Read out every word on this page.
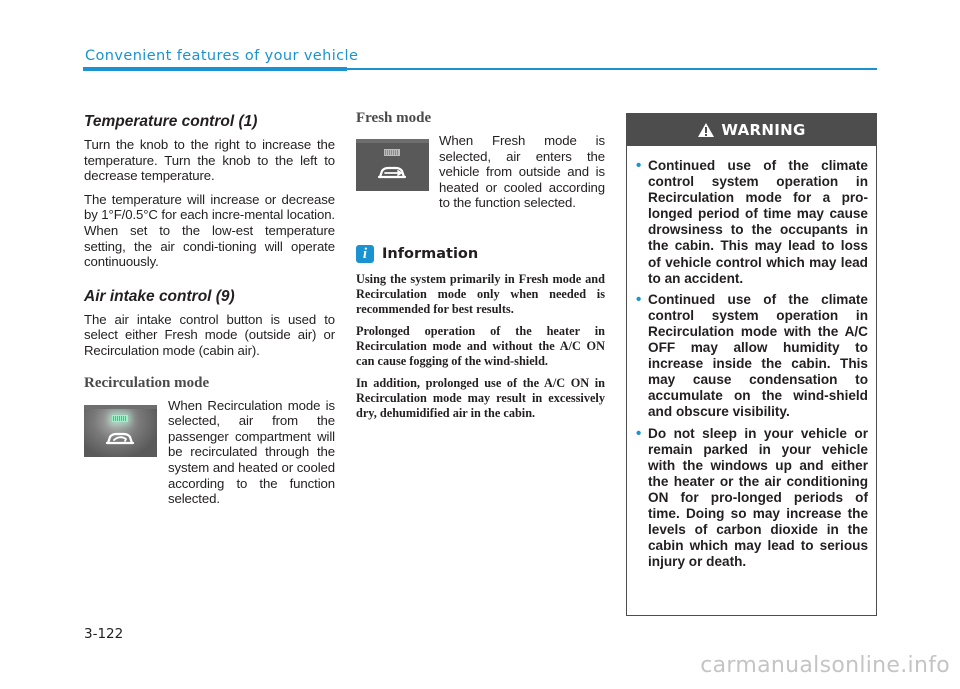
Convenient features of your vehicle
Temperature control (1)

Turn the knob to the right to increase the temperature. Turn the knob to the left to decrease temperature.

The temperature will increase or decrease by 1°F/0.5°C for each incre-mental location. When set to the low-est temperature setting, the air condi-tioning will operate continuously.

Air intake control (9)

The air intake control button is used to select either Fresh mode (outside air) or Recirculation mode (cabin air).

Recirculation mode
When Recirculation mode is selected, air from the passenger compartment will be recirculated through the system and heated or cooled according to the function selected.
Fresh mode
When Fresh mode is selected, air enters the vehicle from outside and is heated or cooled according to the function selected.
i	Information

Using the system primarily in Fresh mode and Recirculation mode only when needed is recommended for best results.

Prolonged operation of the heater in Recirculation mode and without the A/C ON can cause fogging of the wind-shield.

In addition, prolonged use of the A/C ON in Recirculation mode may result in excessively dry, dehumidified air in the cabin.

WARNING
• Continued use of the climate control system operation in Recirculation mode for a pro-longed period of time may cause drowsiness to the occupants in the cabin. This may lead to loss of vehicle control which may lead to an accident.
• Continued use of the climate control system operation in Recirculation mode with the A/C OFF may allow humidity to increase inside the cabin. This may cause condensation to accumulate on the wind-shield and obscure visibility.
• Do not sleep in your vehicle or remain parked in your vehicle with the windows up and either the heater or the air conditioning ON for pro-longed periods of time. Doing so may increase the levels of carbon dioxide in the cabin which may lead to serious injury or death.
3-122
carmanualsonline.info
